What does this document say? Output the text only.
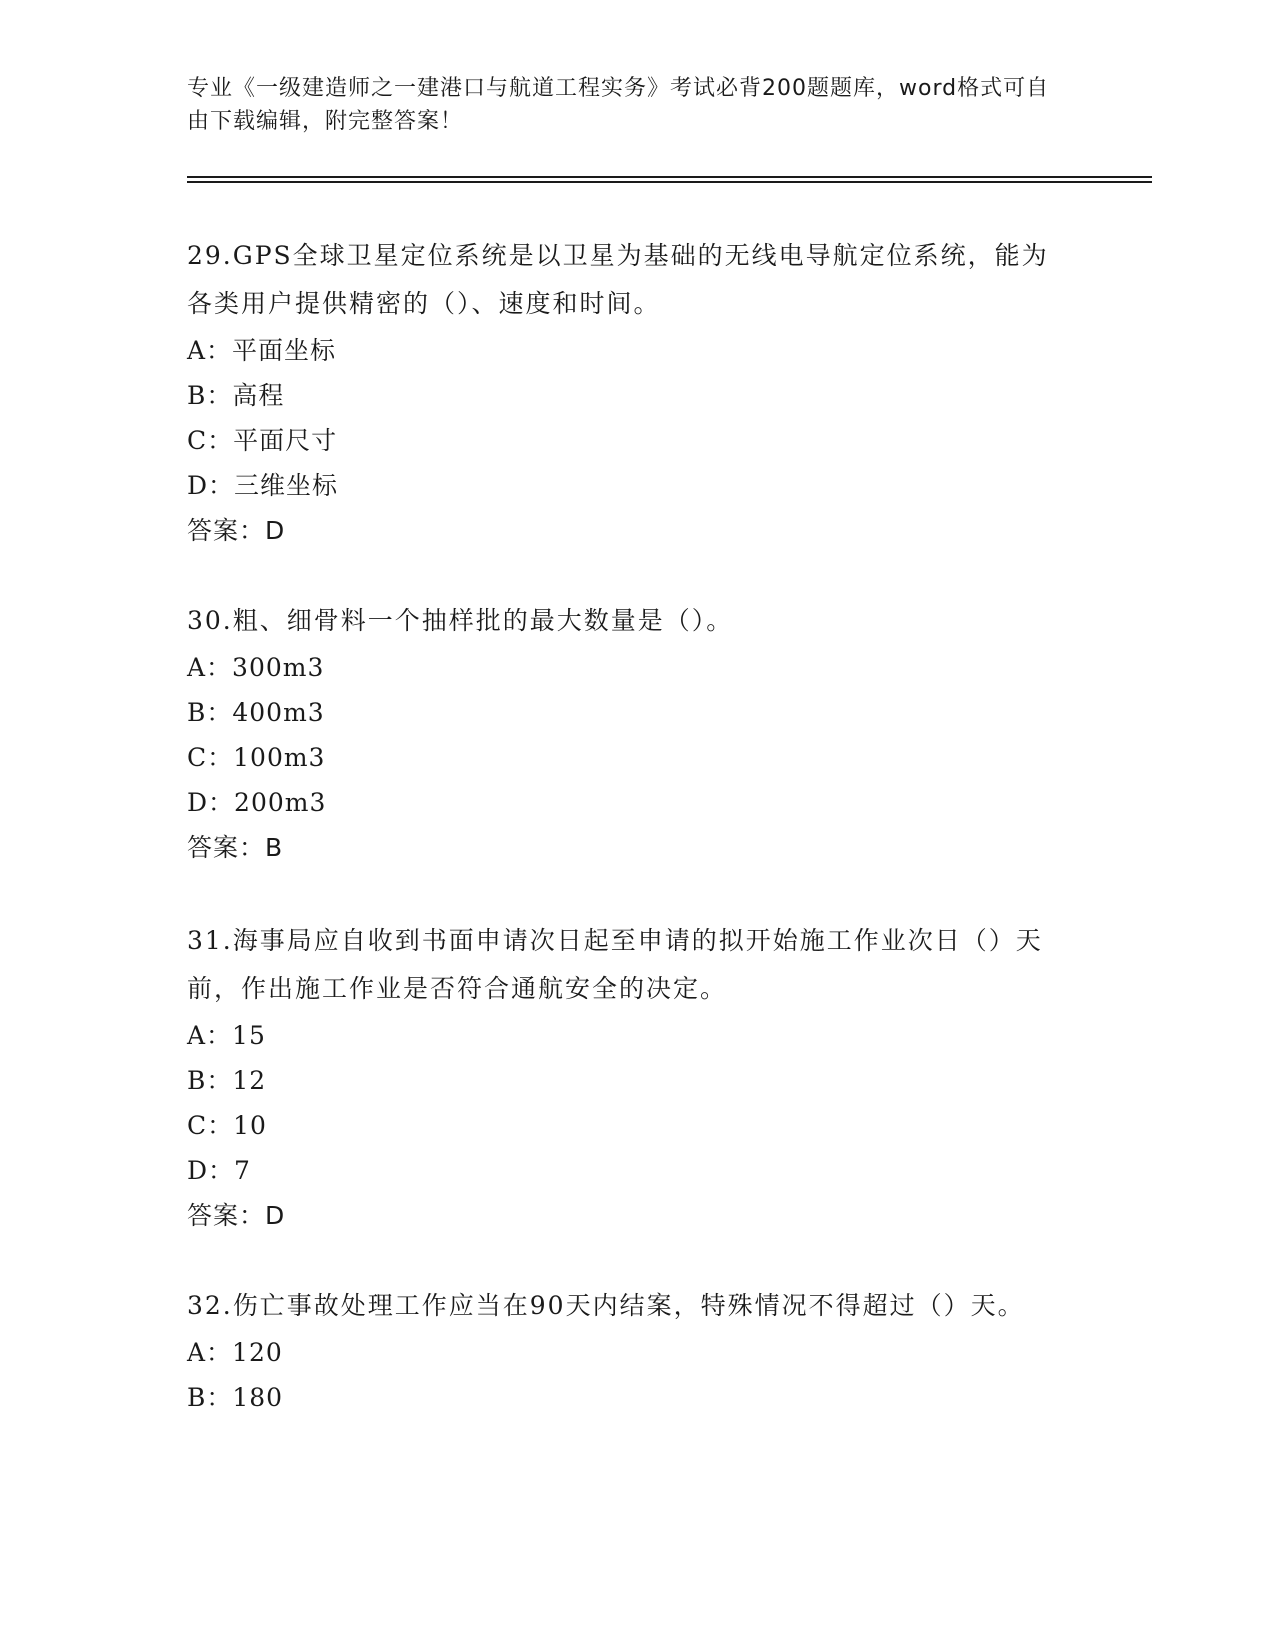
专业《一级建造师之一建港口与航道工程实务》考试必背200题题库，word格式可自由下载编辑，附完整答案！
29.GPS全球卫星定位系统是以卫星为基础的无线电导航定位系统，能为各类用户提供精密的（）、速度和时间。
A：平面坐标
B：高程
C：平面尺寸
D：三维坐标
答案：D
30.粗、细骨料一个抽样批的最大数量是（）。
A：300m3
B：400m3
C：100m3
D：200m3
答案：B
31.海事局应自收到书面申请次日起至申请的拟开始施工作业次日（）天前，作出施工作业是否符合通航安全的决定。
A：15
B：12
C：10
D：7
答案：D
32.伤亡事故处理工作应当在90天内结案，特殊情况不得超过（）天。
A：120
B：180
